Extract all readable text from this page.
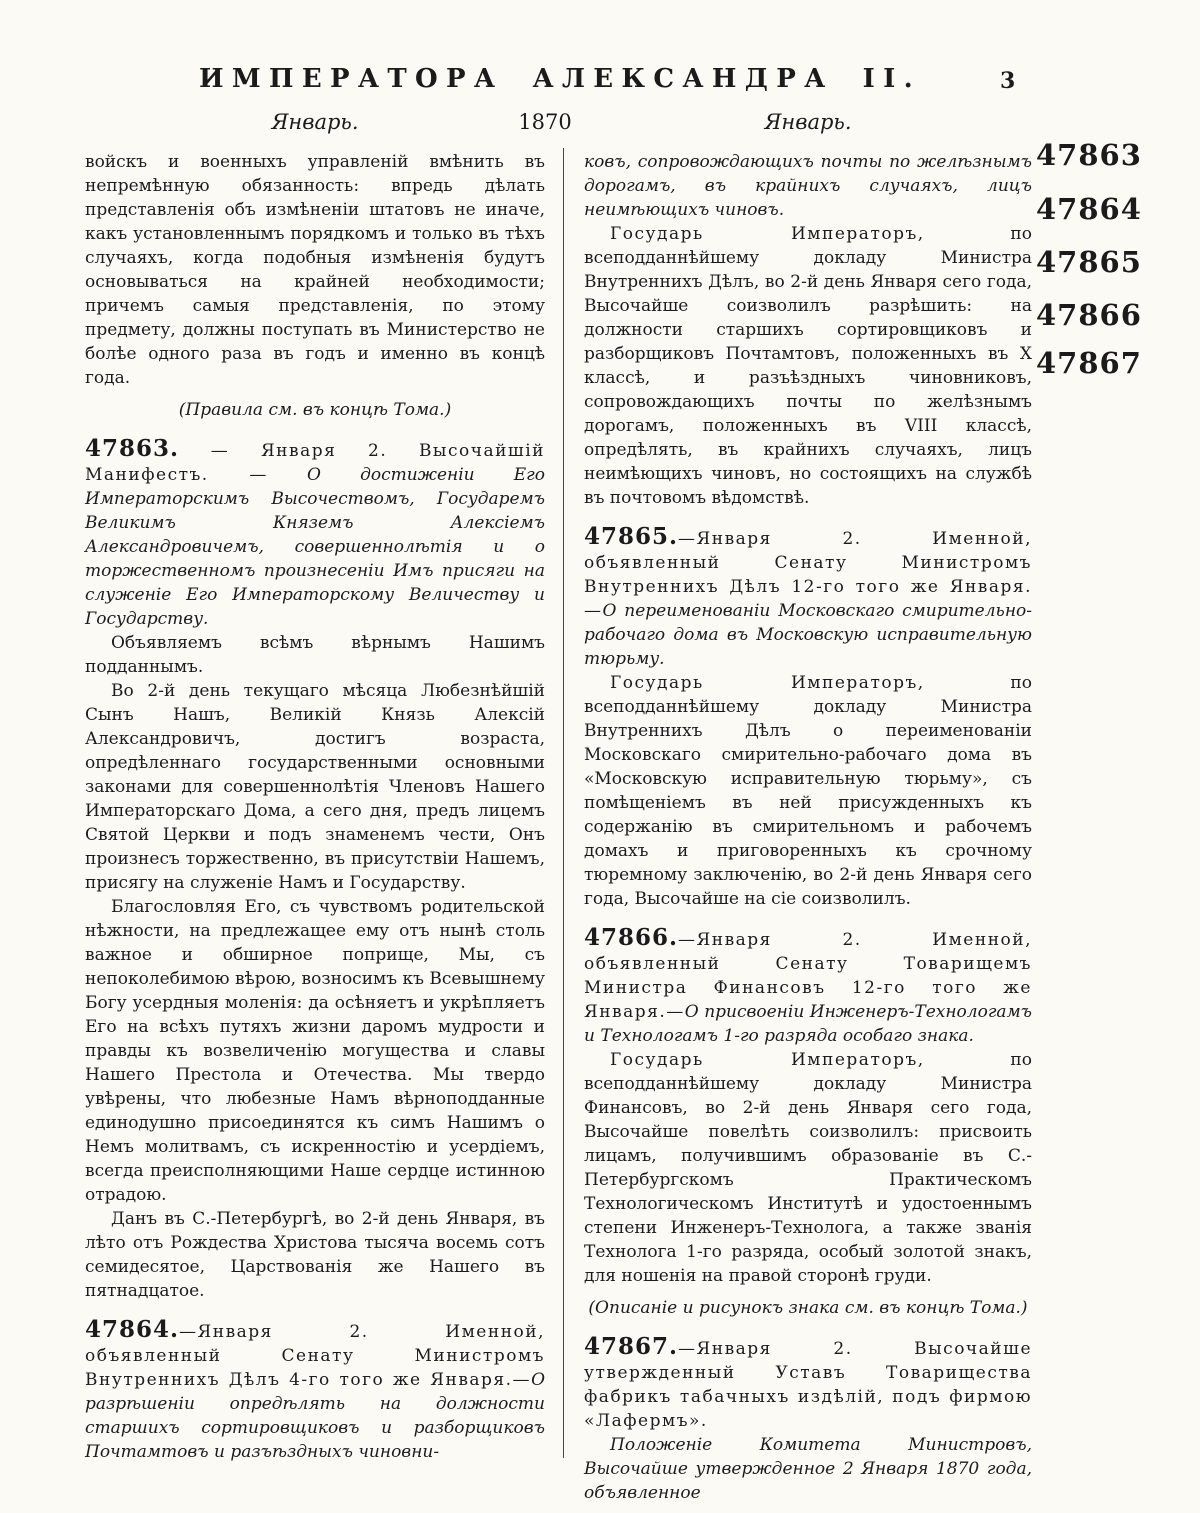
ИМПЕРАТОРА АЛЕКСАНДРА II.	3
Январь.	1870	Январь.

войскъ и военныхъ управленій вмѣнить въ непремѣнную обязанность: впредь дѣлать представленія объ измѣненіи штатовъ не иначе, какъ установленнымъ порядкомъ и только въ тѣхъ случаяхъ, когда подобныя измѣненія будутъ основываться на крайней необходимости; причемъ самыя представленія, по этому предмету, должны поступать въ Министерство не болѣе одного раза въ годъ и именно въ концѣ года.

(Правила см. въ концѣ Тома.)

47863. — Января 2. Высочайшій Манифестъ. — О достиженіи Его Императорскимъ Высочествомъ, Государемъ Великимъ Княземъ Алексіемъ Александровичемъ, совершеннолѣтія и о торжественномъ произнесеніи Имъ присяги на служеніе Его Императорскому Величеству и Государству.

Объявляемъ всѣмъ вѣрнымъ Нашимъ подданнымъ.

Во 2-й день текущаго мѣсяца Любезнѣйшій Сынъ Нашъ, Великій Князь Алексій Александровичъ, достигъ возраста, опредѣленнаго государственными основными законами для совершеннолѣтія Членовъ Нашего Императорскаго Дома, а сего дня, предъ лицемъ Святой Церкви и подъ знаменемъ чести, Онъ произнесъ торжественно, въ присутствіи Нашемъ, присягу на служеніе Намъ и Государству.

Благословляя Его, съ чувствомъ родительской нѣжности, на предлежащее ему отъ нынѣ столь важное и обширное поприще, Мы, съ непоколебимою вѣрою, возносимъ къ Всевышнему Богу усердныя моленія: да осѣняетъ и укрѣпляетъ Его на всѣхъ путяхъ жизни даромъ мудрости и правды къ возвеличенію могущества и славы Нашего Престола и Отечества. Мы твердо увѣрены, что любезные Намъ вѣрноподданные единодушно присоединятся къ симъ Нашимъ о Немъ молитвамъ, съ искренностію и усердіемъ, всегда преисполняющими Наше сердце истинною отрадою.

Данъ въ С.-Петербургѣ, во 2-й день Января, въ лѣто отъ Рождества Христова тысяча восемь сотъ семидесятое, Царствованія же Нашего въ пятнадцатое.

47864.—Января 2. Именной, объявленный Сенату Министромъ Внутреннихъ Дѣлъ 4-го того же Января.—О разрѣшеніи опредѣлять на должности старшихъ сортировщиковъ и разборщиковъ Почтамтовъ и разъѣздныхъ чиновни-

ковъ, сопровождающихъ почты по желѣзнымъ дорогамъ, въ крайнихъ случаяхъ, лицъ неимѣющихъ чиновъ.

Государь Императоръ,	по всеподданнѣйшему докладу Министра Внутреннихъ Дѣлъ, во 2-й день Января сего года, Высочайше соизволилъ разрѣшить: на должности старшихъ сортировщиковъ и разборщиковъ Почтамтовъ, положенныхъ въ X классѣ, и разъѣздныхъ чиновниковъ, сопровождающихъ почты по желѣзнымъ дорогамъ, положенныхъ въ VIII классѣ, опредѣлять, въ крайнихъ случаяхъ, лицъ неимѣющихъ чиновъ, но состоящихъ на службѣ въ почтовомъ вѣдомствѣ.

47865.—Января 2. Именной, объявленный Сенату Министромъ Внутреннихъ Дѣлъ 12-го того же Января.—О переименованіи Московскаго смирительно-рабочаго дома въ Московскую исправительную тюрьму.

Государь Императоръ,	по всеподданнѣйшему докладу Министра Внутреннихъ Дѣлъ о переименованіи Московскаго смирительно-рабочаго дома въ «Московскую исправительную тюрьму», съ помѣщеніемъ въ ней присужденныхъ къ содержанію въ смирительномъ и рабочемъ домахъ и приговоренныхъ къ срочному тюремному заключенію, во 2-й день Января сего года, Высочайше на сіе соизволилъ.

47866.—Января 2. Именной, объявленный Сенату Товарищемъ Министра Финансовъ 12-го того же Января.—О присвоеніи Инженеръ-Технологамъ и Технологамъ 1-го разряда особаго знака.

Государь Императоръ,	по всеподданнѣйшему докладу Министра Финансовъ, во 2-й день Января сего года, Высочайше повелѣть соизволилъ: присвоить лицамъ, получившимъ образованіе въ С.-Петербургскомъ Практическомъ Технологическомъ Институтѣ и удостоеннымъ степени Инженеръ-Технолога, а также званія Технолога 1-го разряда, особый золотой знакъ, для ношенія на правой сторонѣ груди.

(Описаніе и рисунокъ знака см. въ концѣ Тома.)

47867.—Января 2. Высочайше утвержденный Уставъ Товарищества фабрикъ табачныхъ издѣлій, подъ фирмою «Лафермъ».

Положеніе Комитета Министровъ, Высочайше утвержденное 2 Января 1870 года, объявленное

47863
47864
47865
47866
47867
